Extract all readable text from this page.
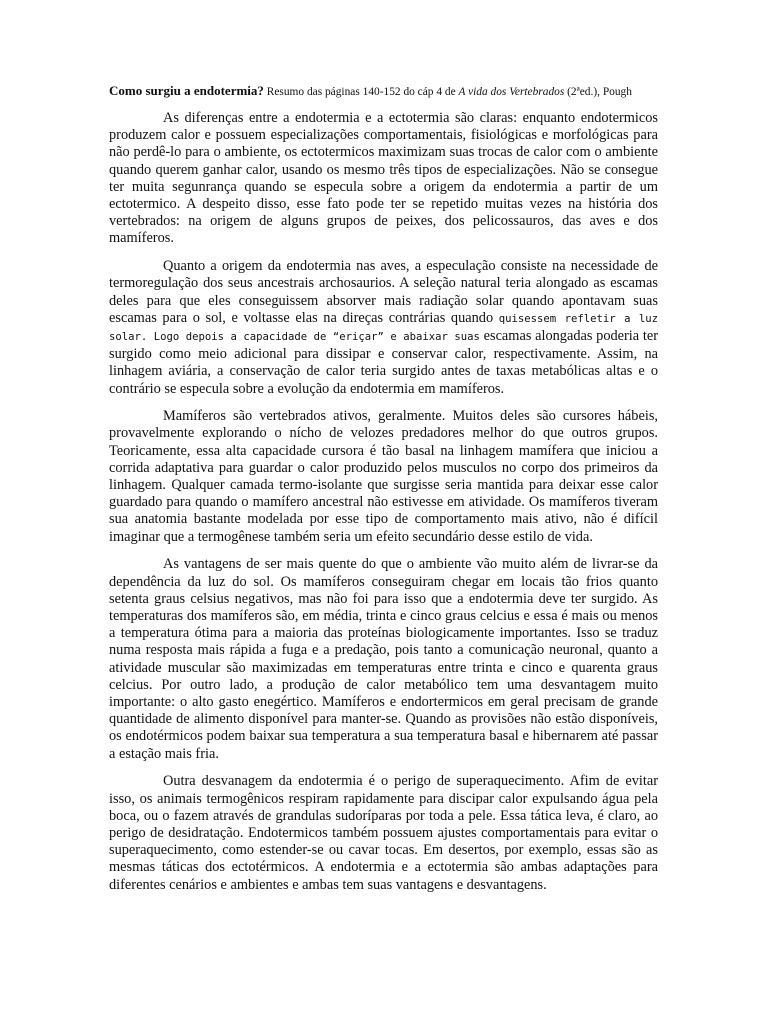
Como surgiu a endotermia? Resumo das páginas 140-152 do cáp 4 de A vida dos Vertebrados (2ªed.), Pough

As diferenças entre a endotermia e a ectotermia são claras: enquanto endotermicos produzem calor e possuem especializações comportamentais, fisiológicas e morfológicas para não perdê-lo para o ambiente, os ectotermicos maximizam suas trocas de calor com o ambiente quando querem ganhar calor, usando os mesmo três tipos de especializações. Não se consegue ter muita segunrança quando se especula sobre a origem da endotermia a partir de um ectotermico. A despeito disso, esse fato pode ter se repetido muitas vezes na história dos vertebrados: na origem de alguns grupos de peixes, dos pelicossauros, das aves e dos mamíferos.

Quanto a origem da endotermia nas aves, a especulação consiste na necessidade de termoregulação dos seus ancestrais archosaurios. A seleção natural teria alongado as escamas deles para que eles conseguissem absorver mais radiação solar quando apontavam suas escamas para o sol, e voltasse elas na direças contrárias quando quisessem refletir a luz solar. Logo depois a capacidade de “eriçar” e abaixar suas escamas alongadas poderia ter surgido como meio adicional para dissipar e conservar calor, respectivamente. Assim, na linhagem aviária, a conservação de calor teria surgido antes de taxas metabólicas altas e o contrário se especula sobre a evolução da endotermia em mamíferos.

Mamíferos são vertebrados ativos, geralmente. Muitos deles são cursores hábeis, provavelmente explorando o nícho de velozes predadores melhor do que outros grupos. Teoricamente, essa alta capacidade cursora é tão basal na linhagem mamífera que iniciou a corrida adaptativa para guardar o calor produzido pelos musculos no corpo dos primeiros da linhagem. Qualquer camada termo-isolante que surgisse seria mantida para deixar esse calor guardado para quando o mamífero ancestral não estivesse em atividade. Os mamíferos tiveram sua anatomia bastante modelada por esse tipo de comportamento mais ativo, não é difícil imaginar que a termogênese também seria um efeito secundário desse estilo de vida.

As vantagens de ser mais quente do que o ambiente vão muito além de livrar-se da dependência da luz do sol. Os mamíferos conseguiram chegar em locais tão frios quanto setenta graus celsius negativos, mas não foi para isso que a endotermia deve ter surgido. As temperaturas dos mamíferos são, em média, trinta e cinco graus celcius e essa é mais ou menos a temperatura ótima para a maioria das proteínas biologicamente importantes. Isso se traduz numa resposta mais rápida a fuga e a predação, pois tanto a comunicação neuronal, quanto a atividade muscular são maximizadas em temperaturas entre trinta e cinco e quarenta graus celcius. Por outro lado, a produção de calor metabólico tem uma desvantagem muito importante: o alto gasto enegértico. Mamíferos e endortermicos em geral precisam de grande quantidade de alimento disponível para manter-se. Quando as provisões não estão disponíveis, os endotérmicos podem baixar sua temperatura a sua temperatura basal e hibernarem até passar a estação mais fria.

Outra desvanagem da endotermia é o perigo de superaquecimento. Afim de evitar isso, os animais termogênicos respiram rapidamente para discipar calor expulsando água pela boca, ou o fazem através de grandulas sudoríparas por toda a pele. Essa tática leva, é claro, ao perigo de desidratação. Endotermicos também possuem ajustes comportamentais para evitar o superaquecimento, como estender-se ou cavar tocas. Em desertos, por exemplo, essas são as mesmas táticas dos ectotérmicos. A endotermia e a ectotermia são ambas adaptações para diferentes cenários e ambientes e ambas tem suas vantagens e desvantagens.
